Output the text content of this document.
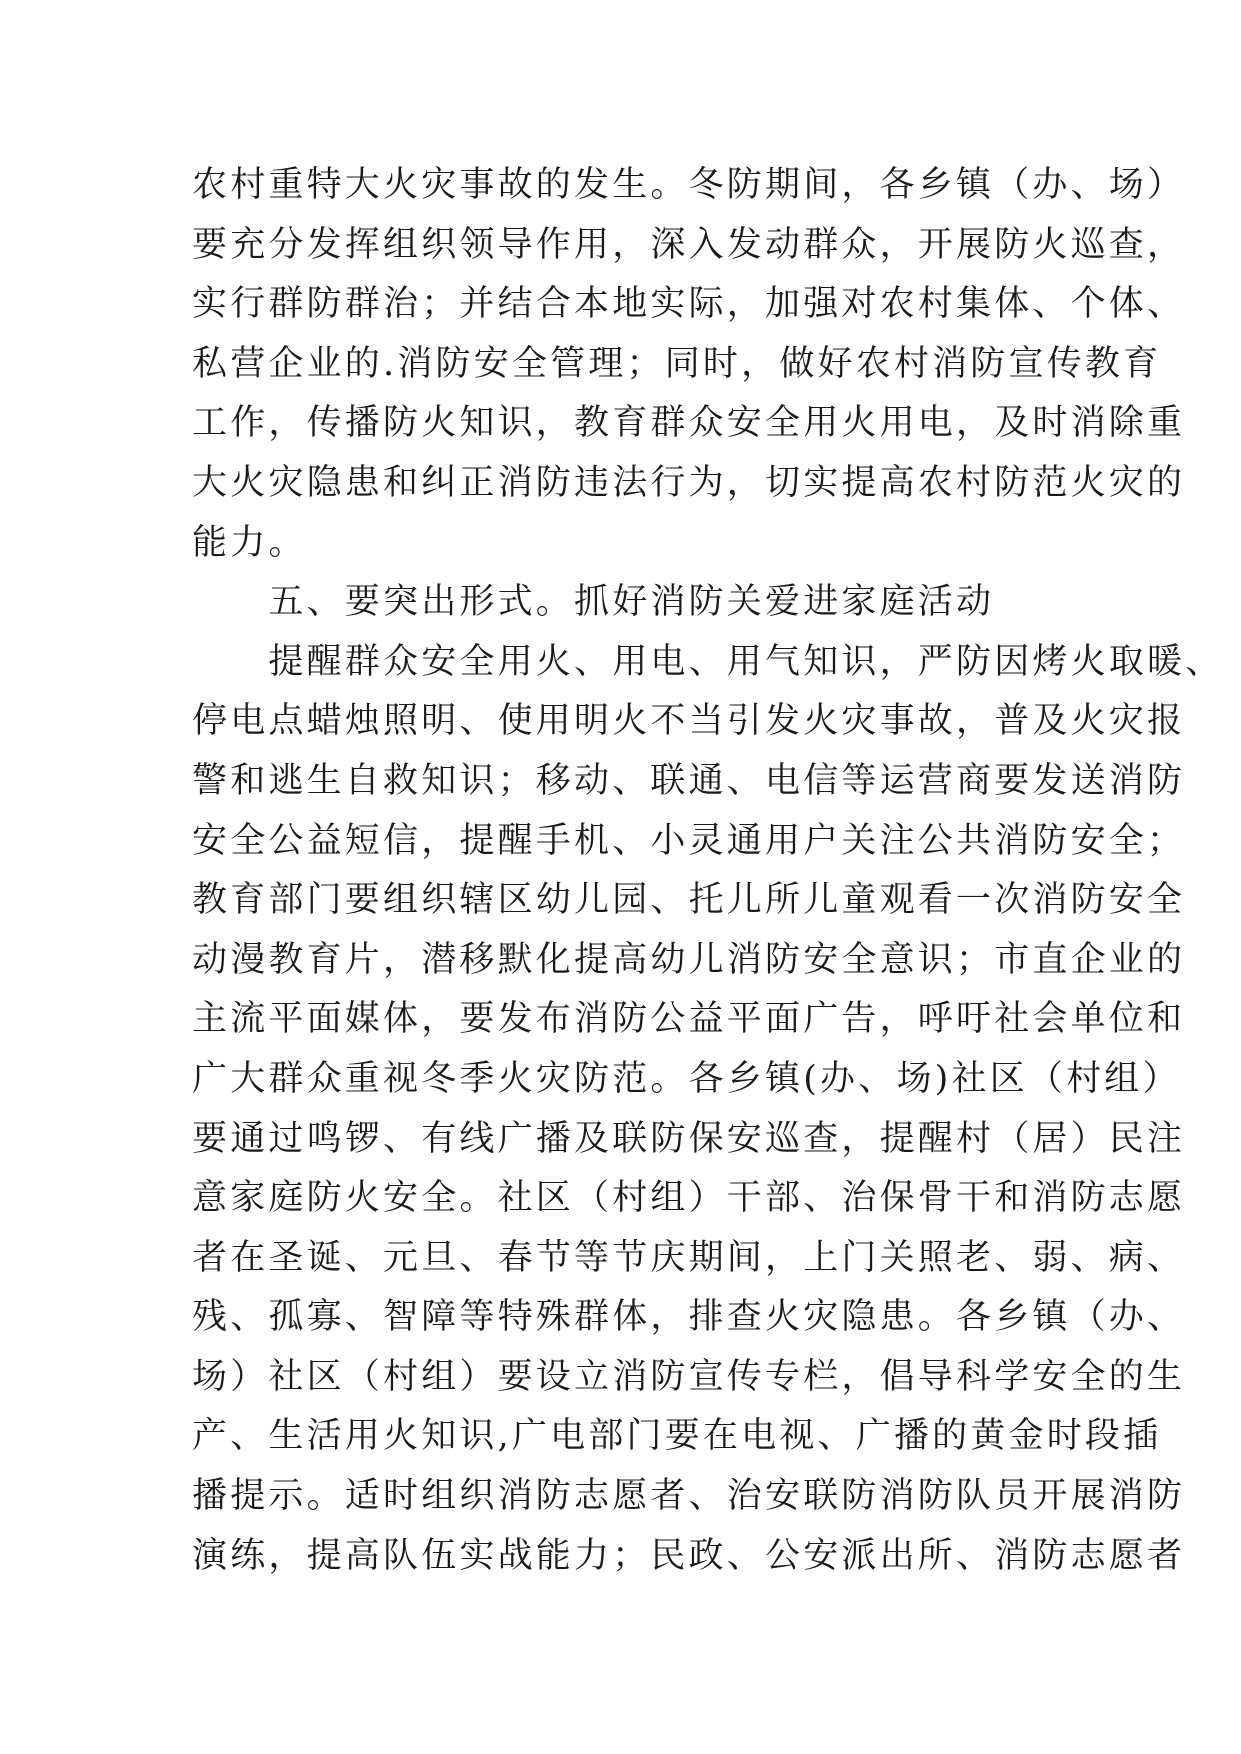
农村重特大火灾事故的发生。冬防期间，各乡镇（办、场）
要充分发挥组织领导作用，深入发动群众，开展防火巡查，
实行群防群治；并结合本地实际，加强对农村集体、个体、
私营企业的.消防安全管理；同时，做好农村消防宣传教育
工作，传播防火知识，教育群众安全用火用电，及时消除重
大火灾隐患和纠正消防违法行为，切实提高农村防范火灾的
能力。
　　五、要突出形式。抓好消防关爱进家庭活动
　　提醒群众安全用火、用电、用气知识，严防因烤火取暖、
停电点蜡烛照明、使用明火不当引发火灾事故，普及火灾报
警和逃生自救知识；移动、联通、电信等运营商要发送消防
安全公益短信，提醒手机、小灵通用户关注公共消防安全；
教育部门要组织辖区幼儿园、托儿所儿童观看一次消防安全
动漫教育片，潜移默化提高幼儿消防安全意识；市直企业的
主流平面媒体，要发布消防公益平面广告，呼吁社会单位和
广大群众重视冬季火灾防范。各乡镇(办、场)社区（村组）
要通过鸣锣、有线广播及联防保安巡查，提醒村（居）民注
意家庭防火安全。社区（村组）干部、治保骨干和消防志愿
者在圣诞、元旦、春节等节庆期间，上门关照老、弱、病、
残、孤寡、智障等特殊群体，排查火灾隐患。各乡镇（办、
场）社区（村组）要设立消防宣传专栏，倡导科学安全的生
产、生活用火知识,广电部门要在电视、广播的黄金时段插
播提示。适时组织消防志愿者、治安联防消防队员开展消防
演练，提高队伍实战能力；民政、公安派出所、消防志愿者
